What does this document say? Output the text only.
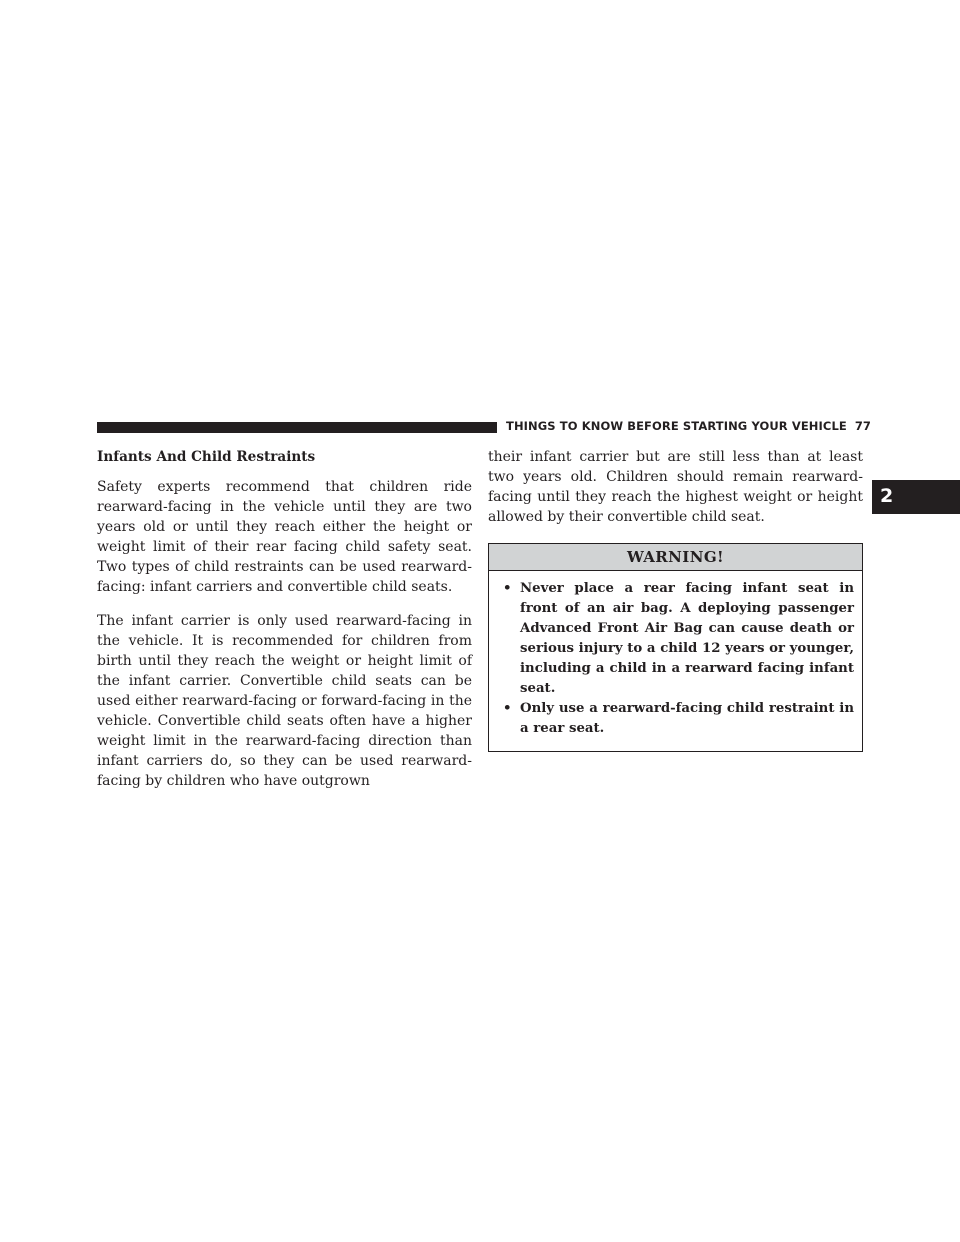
THINGS TO KNOW BEFORE STARTING YOUR VEHICLE 77
2
Infants And Child Restraints

Safety experts recommend that children ride rearward-facing in the vehicle until they are two years old or until they reach either the height or weight limit of their rear facing child safety seat. Two types of child restraints can be used rearward-facing: infant carriers and convertible child seats.

The infant carrier is only used rearward-facing in the vehicle. It is recommended for children from birth until they reach the weight or height limit of the infant carrier. Convertible child seats can be used either rearward-facing or forward-facing in the vehicle. Convertible child seats often have a higher weight limit in the rearward-facing direction than infant carriers do, so they can be used rearward-facing by children who have outgrown

their infant carrier but are still less than at least two years old. Children should remain rearward-facing until they reach the highest weight or height allowed by their convertible child seat.

WARNING!
• Never place a rear facing infant seat in front of an air bag. A deploying passenger Advanced Front Air Bag can cause death or serious injury to a child 12 years or younger, including a child in a rearward facing infant seat.
• Only use a rearward-facing child restraint in a rear seat.
